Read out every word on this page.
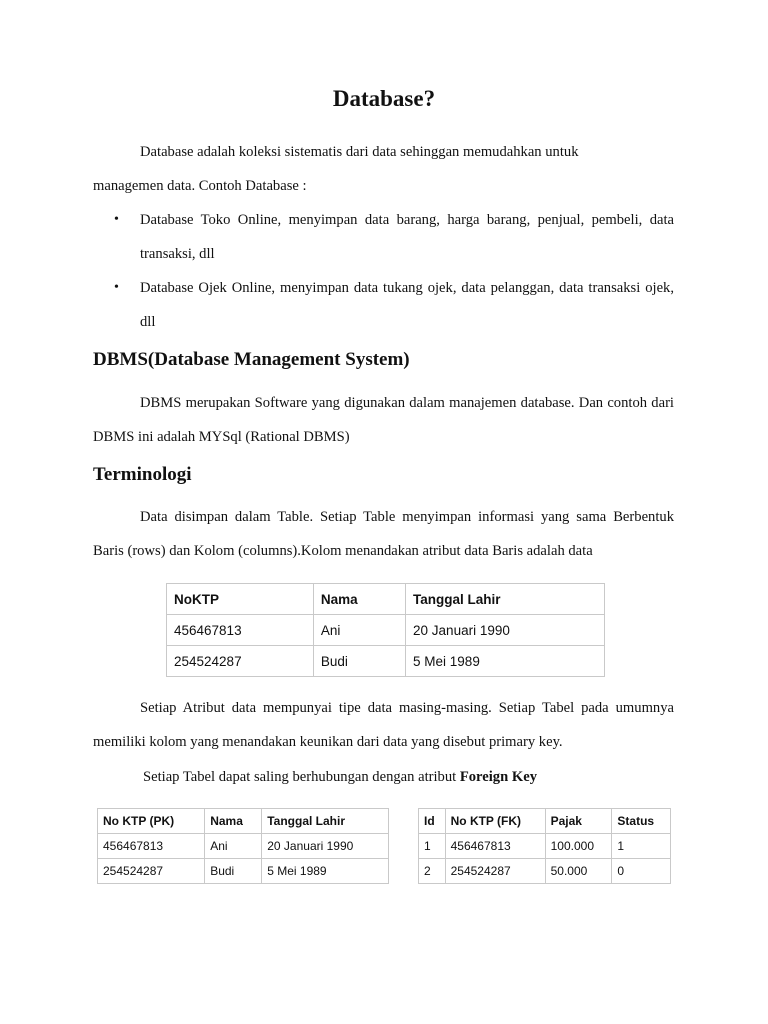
Database?

Database adalah koleksi sistematis dari data sehinggan memudahkan untuk

managemen data. Contoh Database :

• Database Toko Online, menyimpan data barang, harga barang, penjual, pembeli, data transaksi, dll
• Database Ojek Online, menyimpan data tukang ojek, data pelanggan, data transaksi ojek, dll
DBMS(Database Management System)

DBMS merupakan Software yang digunakan dalam manajemen database. Dan contoh dari DBMS ini adalah MYSql (Rational DBMS)

Terminologi

Data disimpan dalam Table. Setiap Table menyimpan informasi yang sama Berbentuk Baris (rows) dan Kolom (columns).Kolom menandakan atribut data Baris adalah data

NoKTP	Nama	Tanggal Lahir
456467813	Ani	20 Januari 1990
254524287	Budi	5 Mei 1989

Setiap Atribut data mempunyai tipe data masing-masing. Setiap Tabel pada umumnya memiliki kolom yang menandakan keunikan dari data yang disebut primary key.

Setiap Tabel dapat saling berhubungan dengan atribut Foreign Key

No KTP (PK)	Nama	Tanggal Lahir
456467813	Ani	20 Januari 1990
254524287	Budi	5 Mei 1989
Id	No KTP (FK)	Pajak	Status
1	456467813	100.000	1
2	254524287	50.000	0
